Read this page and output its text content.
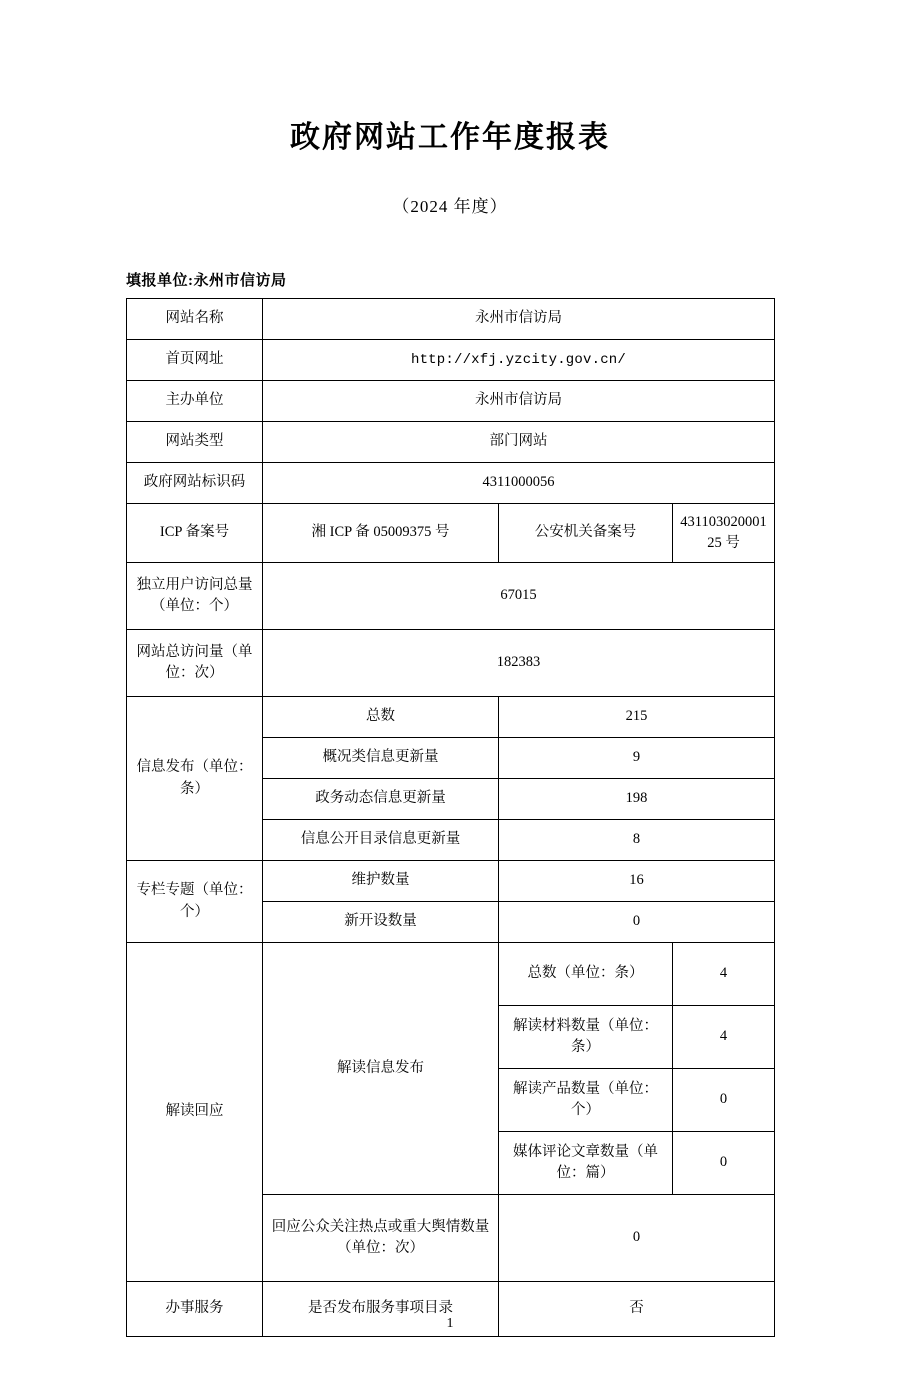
政府网站工作年度报表
（2024 年度）
填报单位:永州市信访局
网站名称	永州市信访局		
首页网址	http://xfj.yzcity.gov.cn/		
主办单位	永州市信访局		
网站类型	部门网站		
政府网站标识码	4311000056		
ICP 备案号	湘 ICP 备 05009375 号	公安机关备案号	43110302000125 号
独立用户访问总量（单位：个）	67015		
网站总访问量（单位：次）	182383		
信息发布（单位：条）	总数	215	
	概况类信息更新量	9	
	政务动态信息更新量	198	
	信息公开目录信息更新量	8	
专栏专题（单位：个）	维护数量	16	
	新开设数量	0	
解读回应	解读信息发布	总数（单位：条）	4
		解读材料数量（单位：条）	4
		解读产品数量（单位：个）	0
		媒体评论文章数量（单位：篇）	0
	回应公众关注热点或重大舆情数量（单位：次）	0	
办事服务	是否发布服务事项目录	否	
1
